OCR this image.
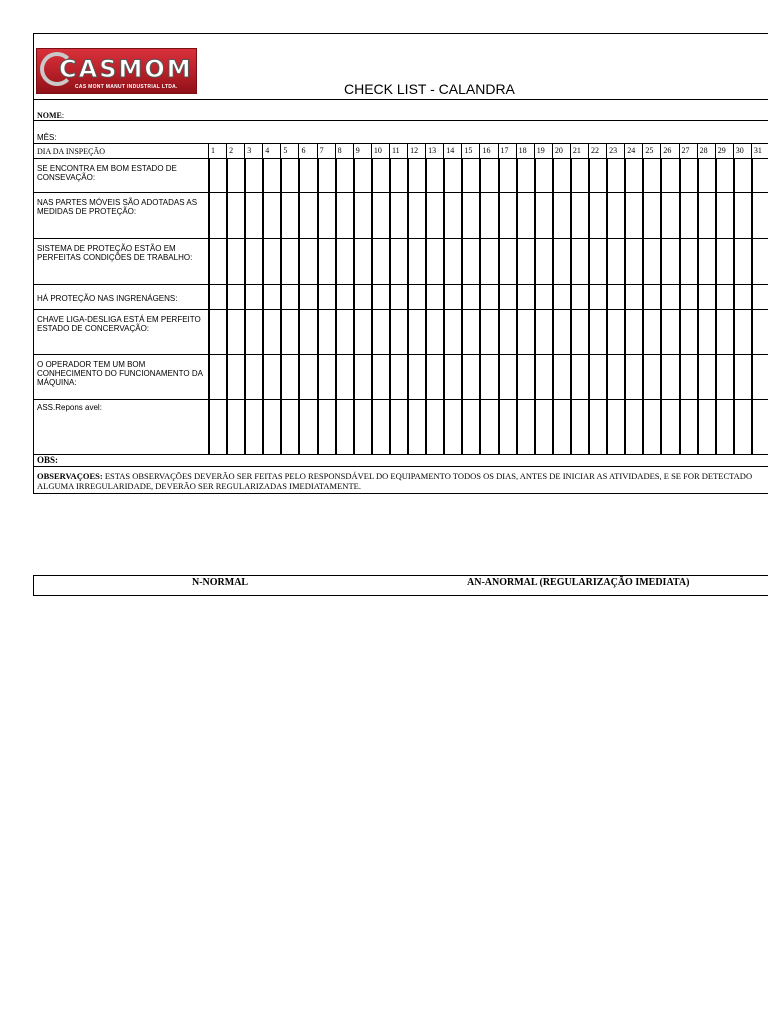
CASMOM
CAS MONT MANUT INDUSTRIAL LTDA.	CHECK LIST - CALANDRA
NOME:
MÊS:
DIA DA INSPEÇÃO	1 2 3 4 5 6 7 8 9 10 11 12 13 14 15 16 17 18 19 20 21 22 23 24 25 26 27 28 29 30 31
SE ENCONTRA EM BOM ESTADO DE CONSEVAÇÃO:
NAS PARTES MÓVEIS SÃO ADOTADAS AS MEDIDAS DE PROTEÇÃO:
SISTEMA DE PROTEÇÃO ESTÃO EM PERFEITAS CONDIÇÕES DE TRABALHO:
HÁ PROTEÇÃO NAS INGRENÁGENS:
CHAVE LIGA-DESLIGA ESTÁ EM PERFEITO ESTADO DE CONCERVAÇÃO:
O OPERADOR TEM UM BOM CONHECIMENTO DO FUNCIONAMENTO DA MÁQUINA:
ASS.Repons avel:
OBS:
OBSERVAÇOES: ESTAS OBSERVAÇÕES DEVERÃO SER FEITAS PELO RESPONSDÁVEL DO EQUIPAMENTO TODOS OS DIAS, ANTES DE INICIAR AS ATIVIDADES, E SE FOR DETECTADO ALGUMA IRREGULARIDADE, DEVERÃO SER REGULARIZADAS IMEDIATAMENTE.
N-NORMAL	AN-ANORMAL (REGULARIZAÇÃO IMEDIATA)
